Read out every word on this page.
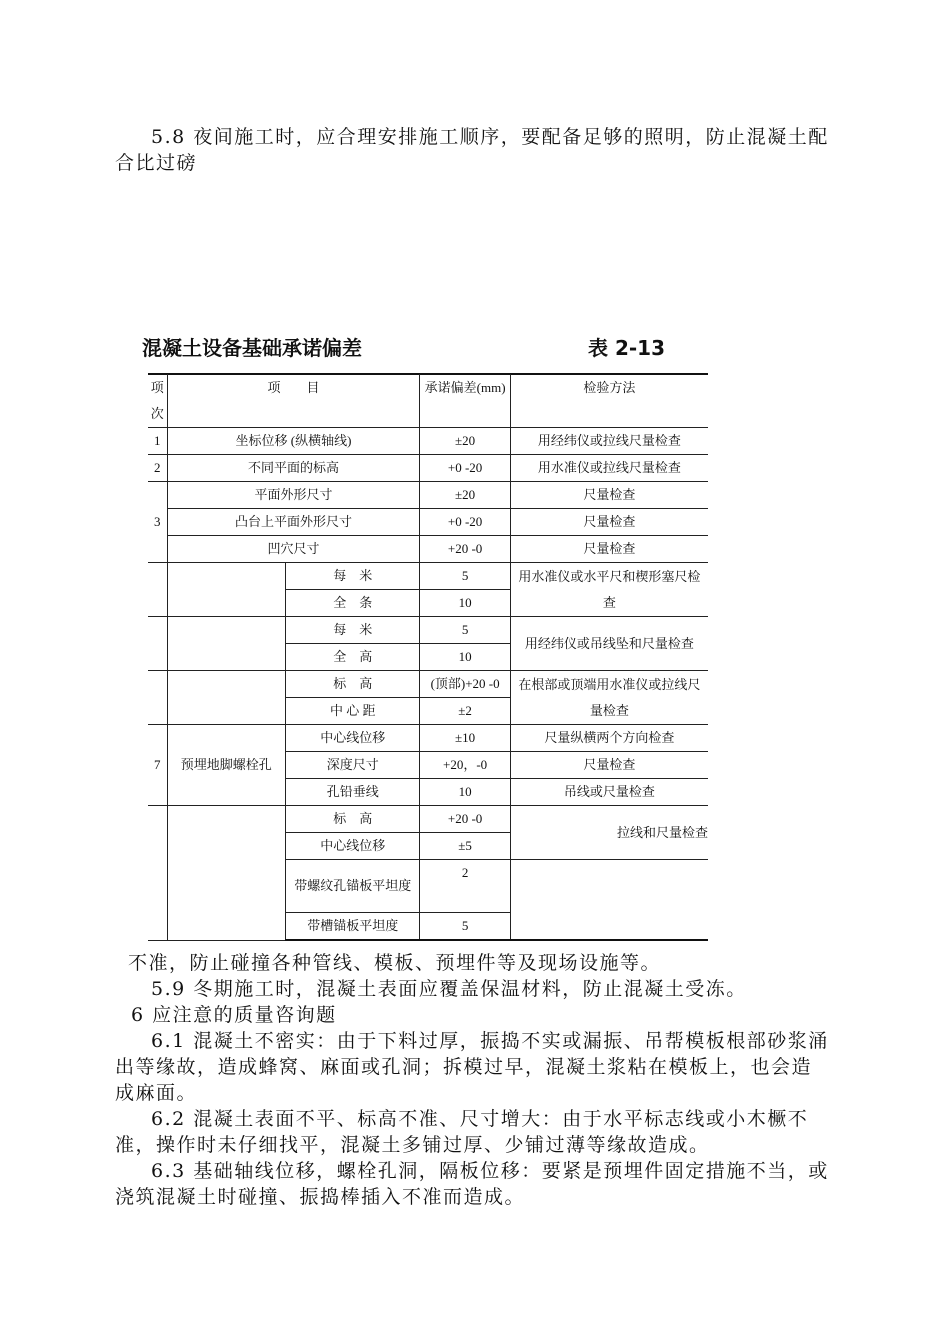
5.8 夜间施工时，应合理安排施工顺序，要配备足够的照明，防止混凝土配合比过磅
混凝土设备基础承诺偏差	表 2-13
项次	项　　目		承诺偏差(mm)	检验方法

1	坐标位移 (纵横轴线)		±20	用经纬仪或拉线尺量检查
2	不同平面的标高		+0 -20	用水准仪或拉线尺量检查
3	平面外形尺寸		±20	尺量检查
	凸台上平面外形尺寸		+0 -20	尺量检查
	凹穴尺寸		+20 -0	尺量检查
		每　米	5	用水准仪或水平尺和楔形塞尺检查
		全　条	10	
		每　米	5	用经纬仪或吊线坠和尺量检查
		全　高	10	
		标　高	(顶部)+20 -0	在根部或顶端用水准仪或拉线尺量检查
		中 心 距	±2	
7	预埋地脚螺栓孔	中心线位移	±10	尺量纵横两个方向检查
		深度尺寸	+20，-0	尺量检查
		孔铅垂线	10	吊线或尺量检查
		标　高	+20 -0	拉线和尺量检查
		中心线位移	±5	
		带螺纹孔锚板平坦度	2	
		带槽锚板平坦度	5	
不准，防止碰撞各种管线、模板、预埋件等及现场设施等。
5.9 冬期施工时，混凝土表面应覆盖保温材料，防止混凝土受冻。
6 应注意的质量咨询题
6.1 混凝土不密实：由于下料过厚，振捣不实或漏振、吊帮模板根部砂浆涌出等缘故，造成蜂窝、麻面或孔洞；拆模过早，混凝土浆粘在模板上，也会造成麻面。
6.2 混凝土表面不平、标高不准、尺寸增大：由于水平标志线或小木橛不准，操作时未仔细找平，混凝土多铺过厚、少铺过薄等缘故造成。
6.3 基础轴线位移，螺栓孔洞，隔板位移：要紧是预埋件固定措施不当，或浇筑混凝土时碰撞、振捣棒插入不准而造成。
